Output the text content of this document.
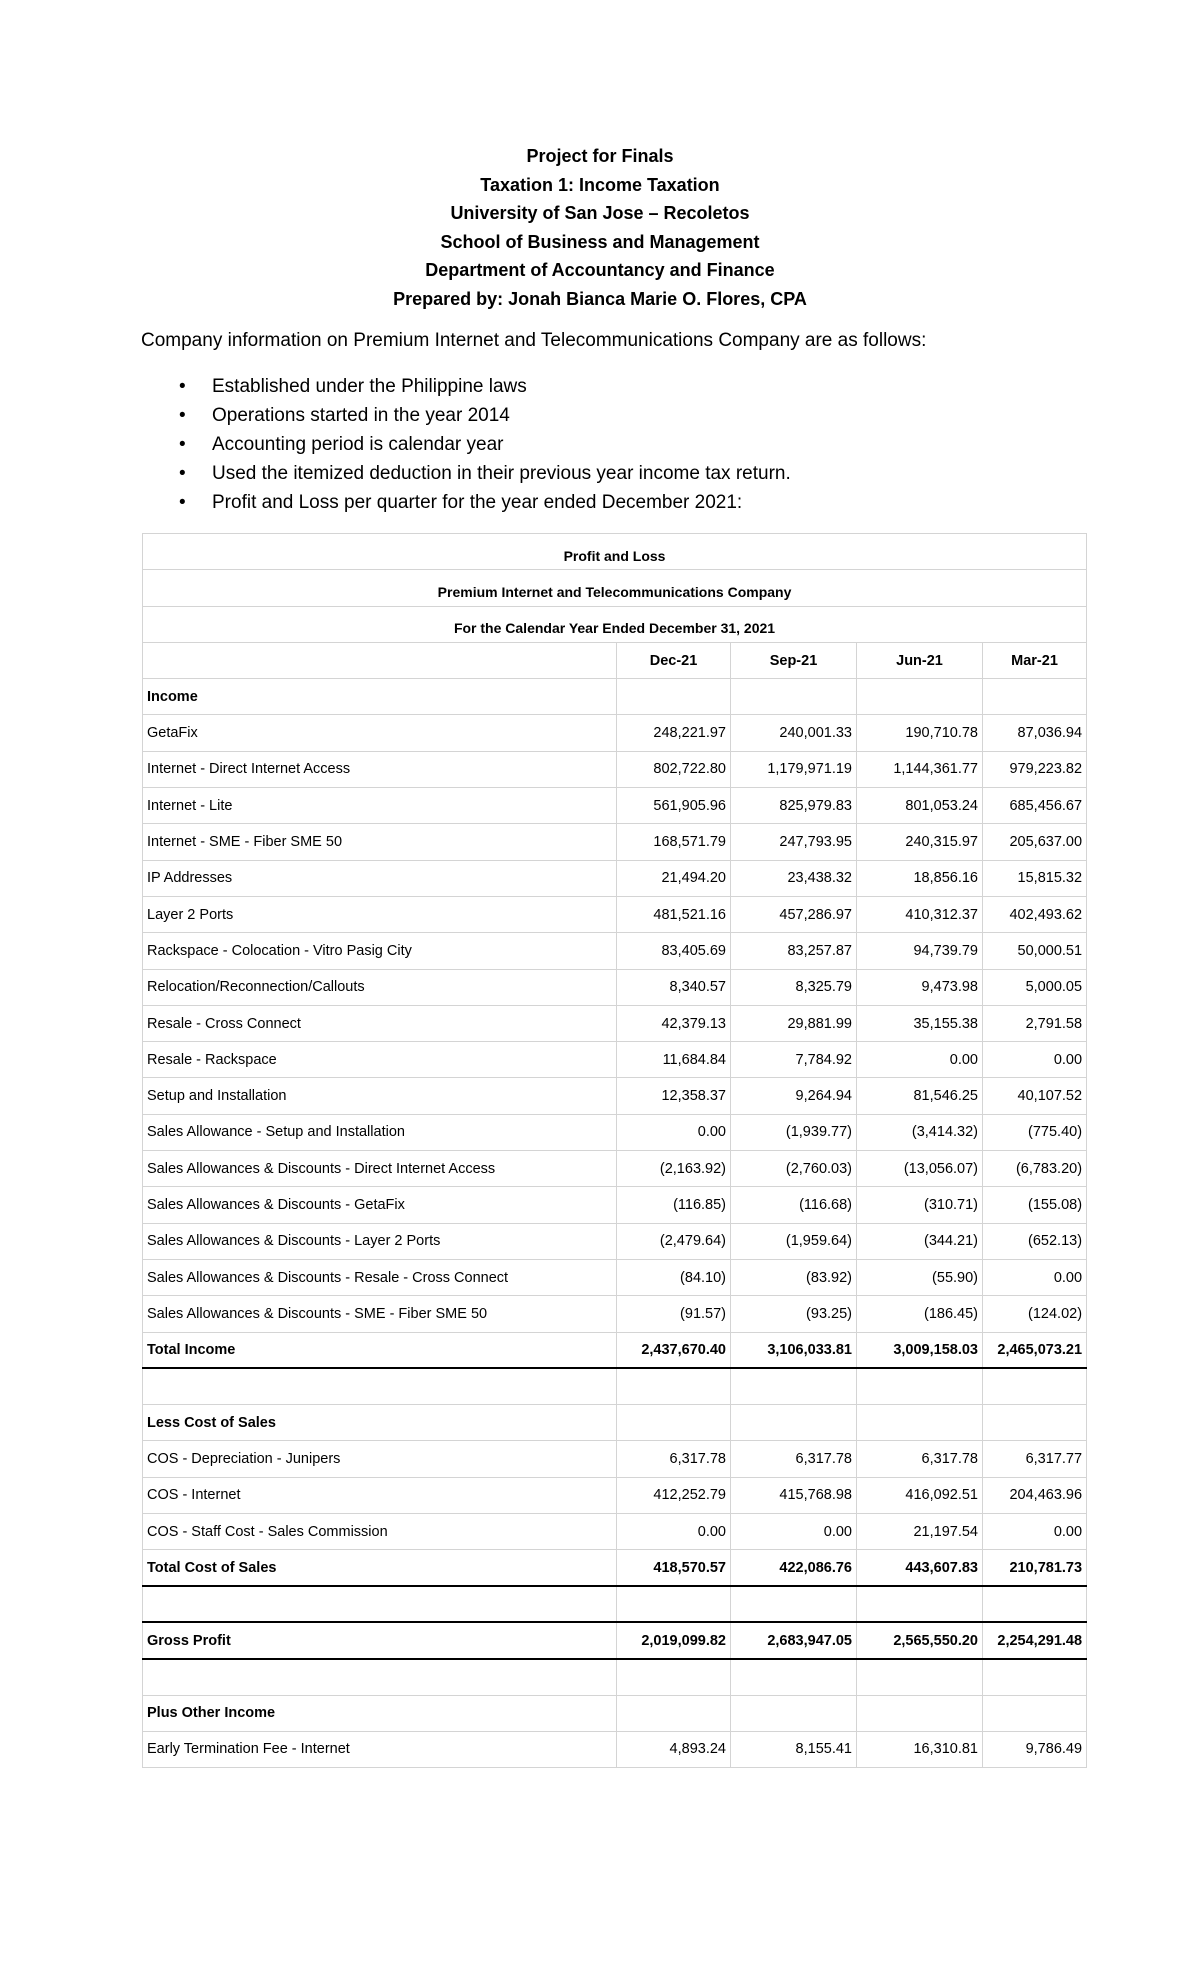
Project for Finals
Taxation 1: Income Taxation
University of San Jose – Recoletos
School of Business and Management
Department of Accountancy and Finance
Prepared by: Jonah Bianca Marie O. Flores, CPA
Company information on Premium Internet and Telecommunications Company are as follows:
• Established under the Philippine laws
• Operations started in the year 2014
• Accounting period is calendar year
• Used the itemized deduction in their previous year income tax return.
• Profit and Loss per quarter for the year ended December 2021:
Profit and Loss				
Premium Internet and Telecommunications Company				
For the Calendar Year Ended December 31, 2021				
	Dec-21	Sep-21	Jun-21	Mar-21
Income				
GetaFix	248,221.97	240,001.33	190,710.78	87,036.94
Internet - Direct Internet Access	802,722.80	1,179,971.19	1,144,361.77	979,223.82
Internet - Lite	561,905.96	825,979.83	801,053.24	685,456.67
Internet - SME - Fiber SME 50	168,571.79	247,793.95	240,315.97	205,637.00
IP Addresses	21,494.20	23,438.32	18,856.16	15,815.32
Layer 2 Ports	481,521.16	457,286.97	410,312.37	402,493.62
Rackspace - Colocation - Vitro Pasig City	83,405.69	83,257.87	94,739.79	50,000.51
Relocation/Reconnection/Callouts	8,340.57	8,325.79	9,473.98	5,000.05
Resale - Cross Connect	42,379.13	29,881.99	35,155.38	2,791.58
Resale - Rackspace	11,684.84	7,784.92	0.00	0.00
Setup and Installation	12,358.37	9,264.94	81,546.25	40,107.52
Sales Allowance - Setup and Installation	0.00	(1,939.77)	(3,414.32)	(775.40)
Sales Allowances & Discounts - Direct Internet Access	(2,163.92)	(2,760.03)	(13,056.07)	(6,783.20)
Sales Allowances & Discounts - GetaFix	(116.85)	(116.68)	(310.71)	(155.08)
Sales Allowances & Discounts - Layer 2 Ports	(2,479.64)	(1,959.64)	(344.21)	(652.13)
Sales Allowances & Discounts - Resale - Cross Connect	(84.10)	(83.92)	(55.90)	0.00
Sales Allowances & Discounts - SME - Fiber SME 50	(91.57)	(93.25)	(186.45)	(124.02)
Total Income	2,437,670.40	3,106,033.81	3,009,158.03	2,465,073.21

Less Cost of Sales				
COS - Depreciation - Junipers	6,317.78	6,317.78	6,317.78	6,317.77
COS - Internet	412,252.79	415,768.98	416,092.51	204,463.96
COS - Staff Cost - Sales Commission	0.00	0.00	21,197.54	0.00
Total Cost of Sales	418,570.57	422,086.76	443,607.83	210,781.73

Gross Profit	2,019,099.82	2,683,947.05	2,565,550.20	2,254,291.48

Plus Other Income				
Early Termination Fee - Internet	4,893.24	8,155.41	16,310.81	9,786.49
